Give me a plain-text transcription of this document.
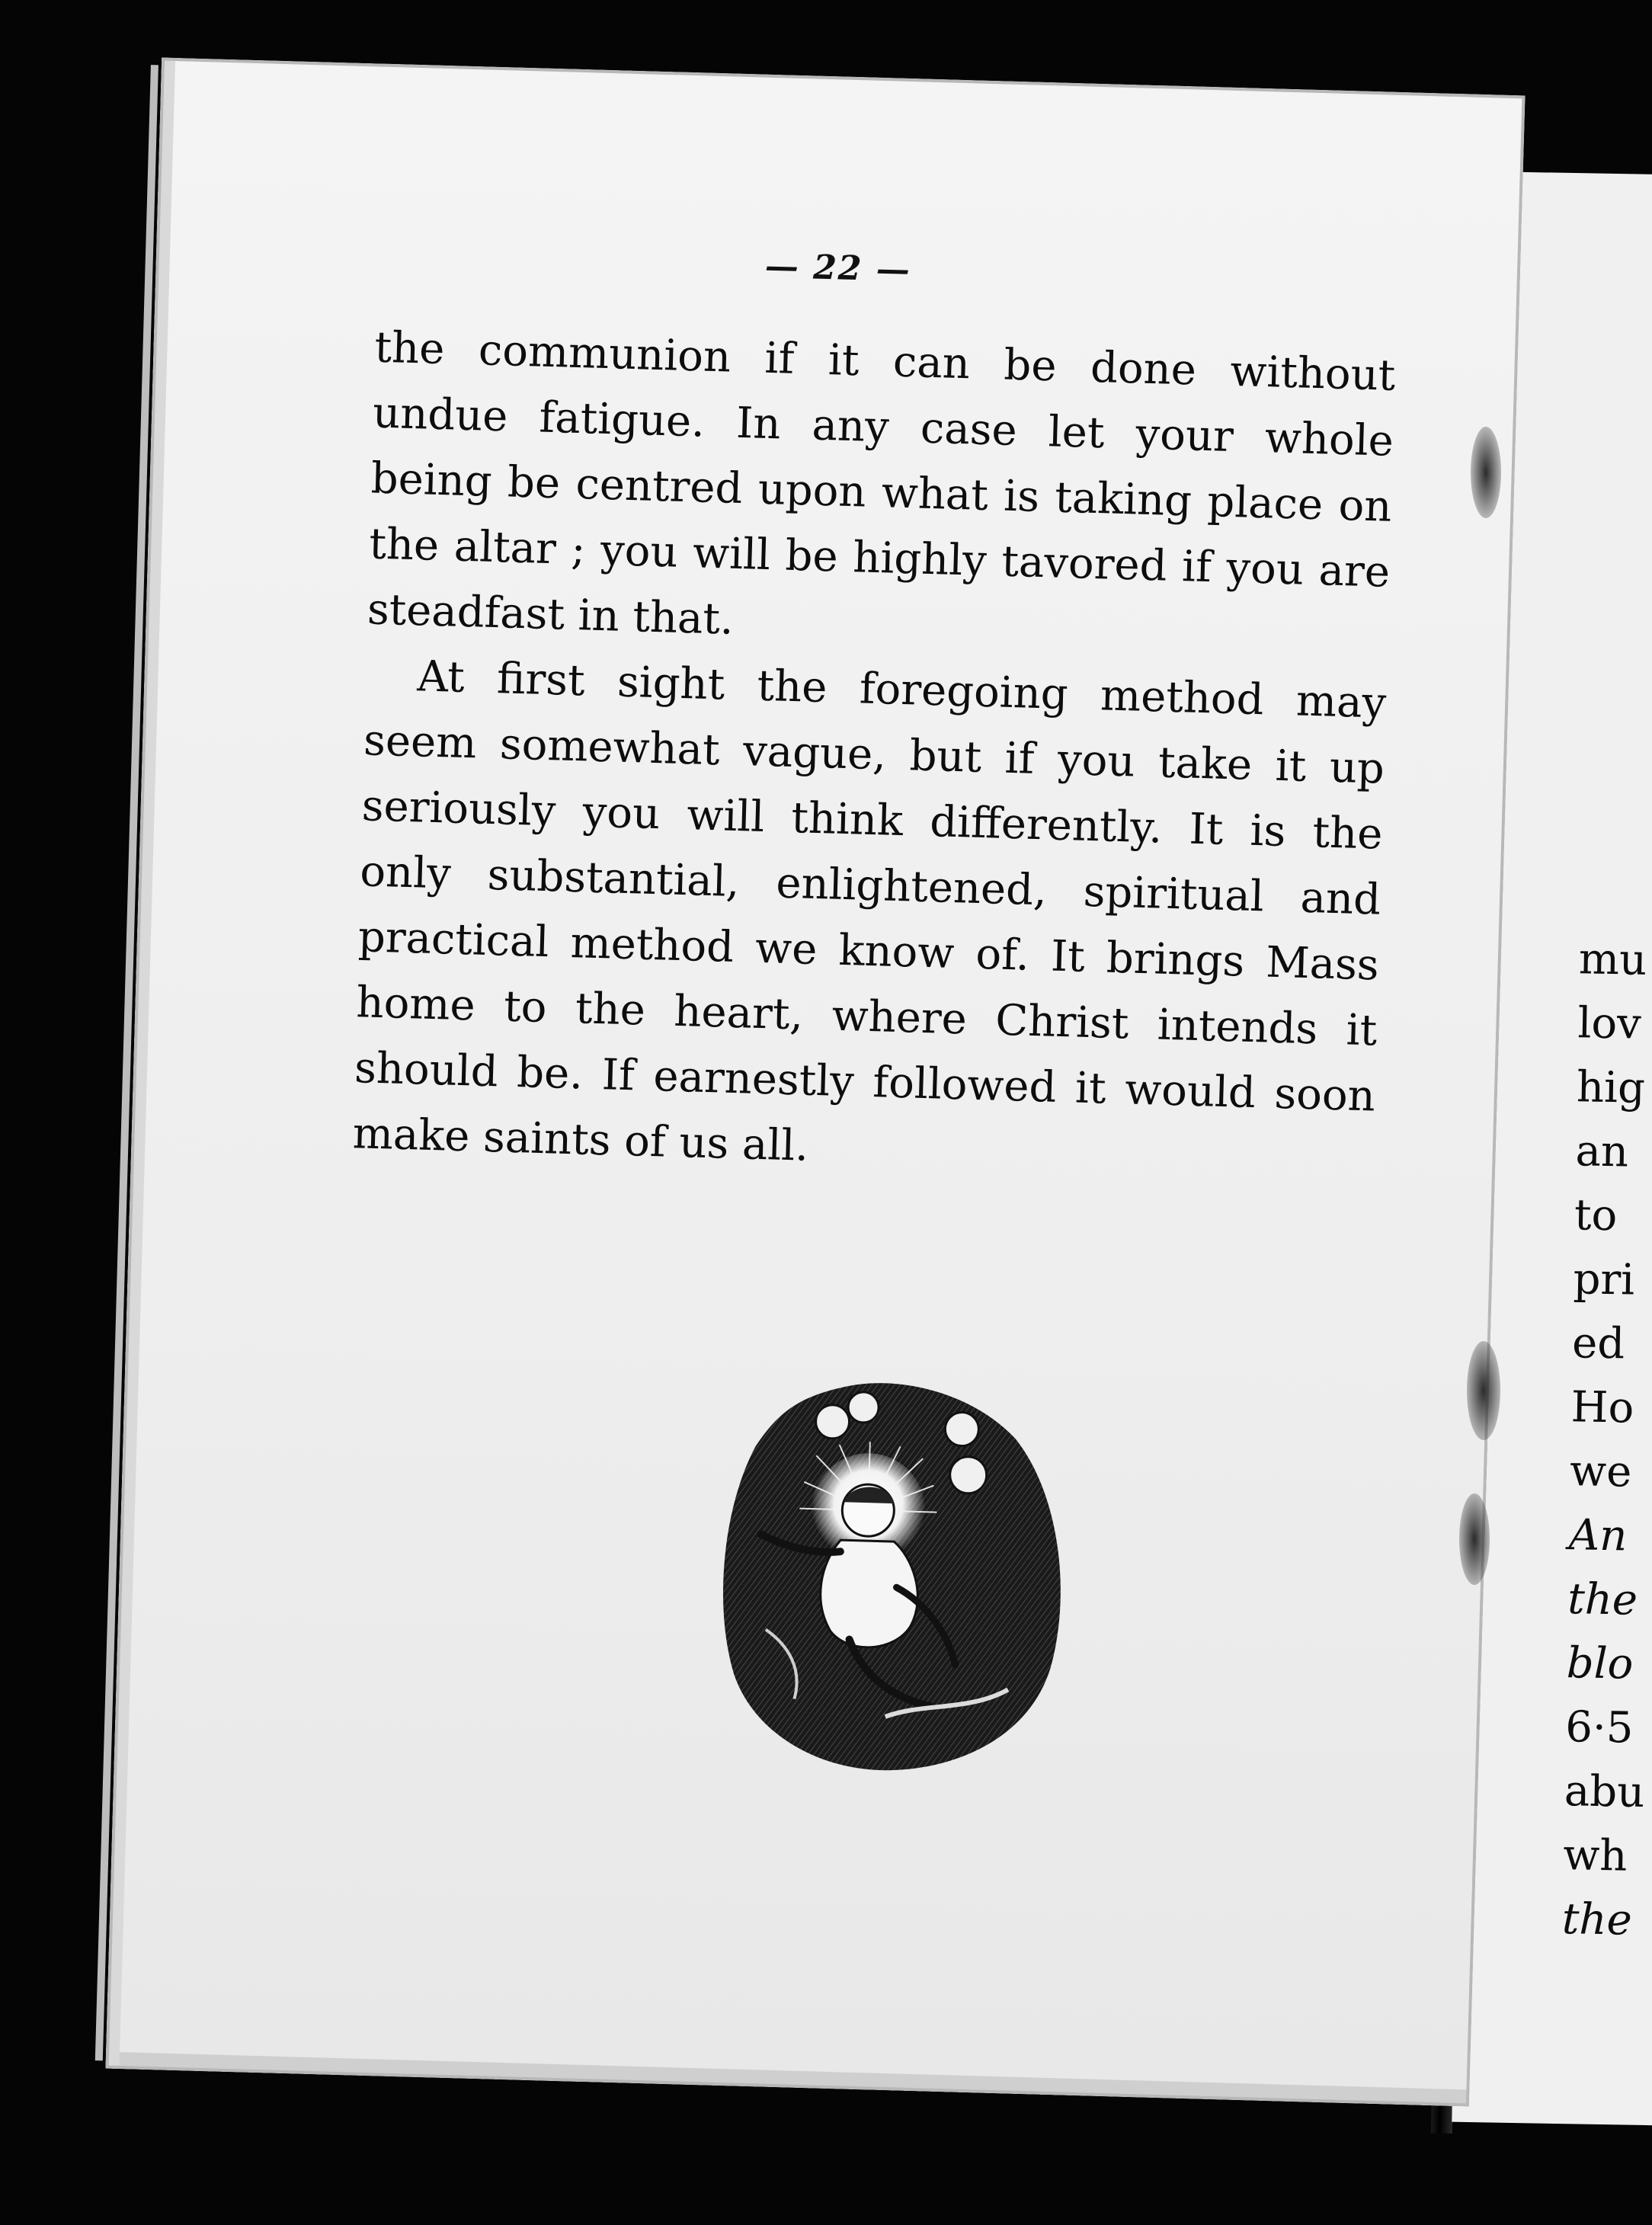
mu
lov
hig
an
to
pri
ed
Ho
we
An
the
blo
6·5
abu
wh
the
— 22 —

the communion if it can be done without undue fatigue. In any case let your whole being be centred upon what is taking place on the altar ; you will be highly tavored if you are steadfast in that.

At first sight the foregoing method may seem somewhat vague, but if you take it up seriously you will think differently. It is the only substantial, enlightened, spiritual and practical method we know of. It brings Mass home to the heart, where Christ intends it should be. If earnestly followed it would soon make saints of us all.
